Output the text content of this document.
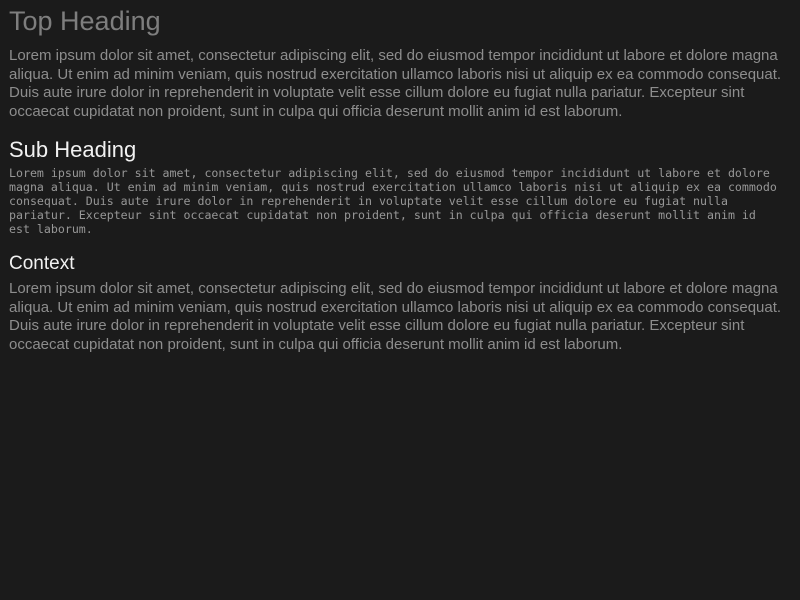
Top Heading

Lorem ipsum dolor sit amet, consectetur adipiscing elit, sed do eiusmod tempor incididunt ut labore et dolore magna aliqua. Ut enim ad minim veniam, quis nostrud exercitation ullamco laboris nisi ut aliquip ex ea commodo consequat. Duis aute irure dolor in reprehenderit in voluptate velit esse cillum dolore eu fugiat nulla pariatur. Excepteur sint occaecat cupidatat non proident, sunt in culpa qui officia deserunt mollit anim id est laborum.

Sub Heading

Lorem ipsum dolor sit amet, consectetur adipiscing elit, sed do eiusmod tempor incididunt ut labore et dolore magna aliqua. Ut enim ad minim veniam, quis nostrud exercitation ullamco laboris nisi ut aliquip ex ea commodo consequat. Duis aute irure dolor in reprehenderit in voluptate velit esse cillum dolore eu fugiat nulla pariatur. Excepteur sint occaecat cupidatat non proident, sunt in culpa qui officia deserunt mollit anim id est laborum.

Context

Lorem ipsum dolor sit amet, consectetur adipiscing elit, sed do eiusmod tempor incididunt ut labore et dolore magna aliqua. Ut enim ad minim veniam, quis nostrud exercitation ullamco laboris nisi ut aliquip ex ea commodo consequat. Duis aute irure dolor in reprehenderit in voluptate velit esse cillum dolore eu fugiat nulla pariatur. Excepteur sint occaecat cupidatat non proident, sunt in culpa qui officia deserunt mollit anim id est laborum.
